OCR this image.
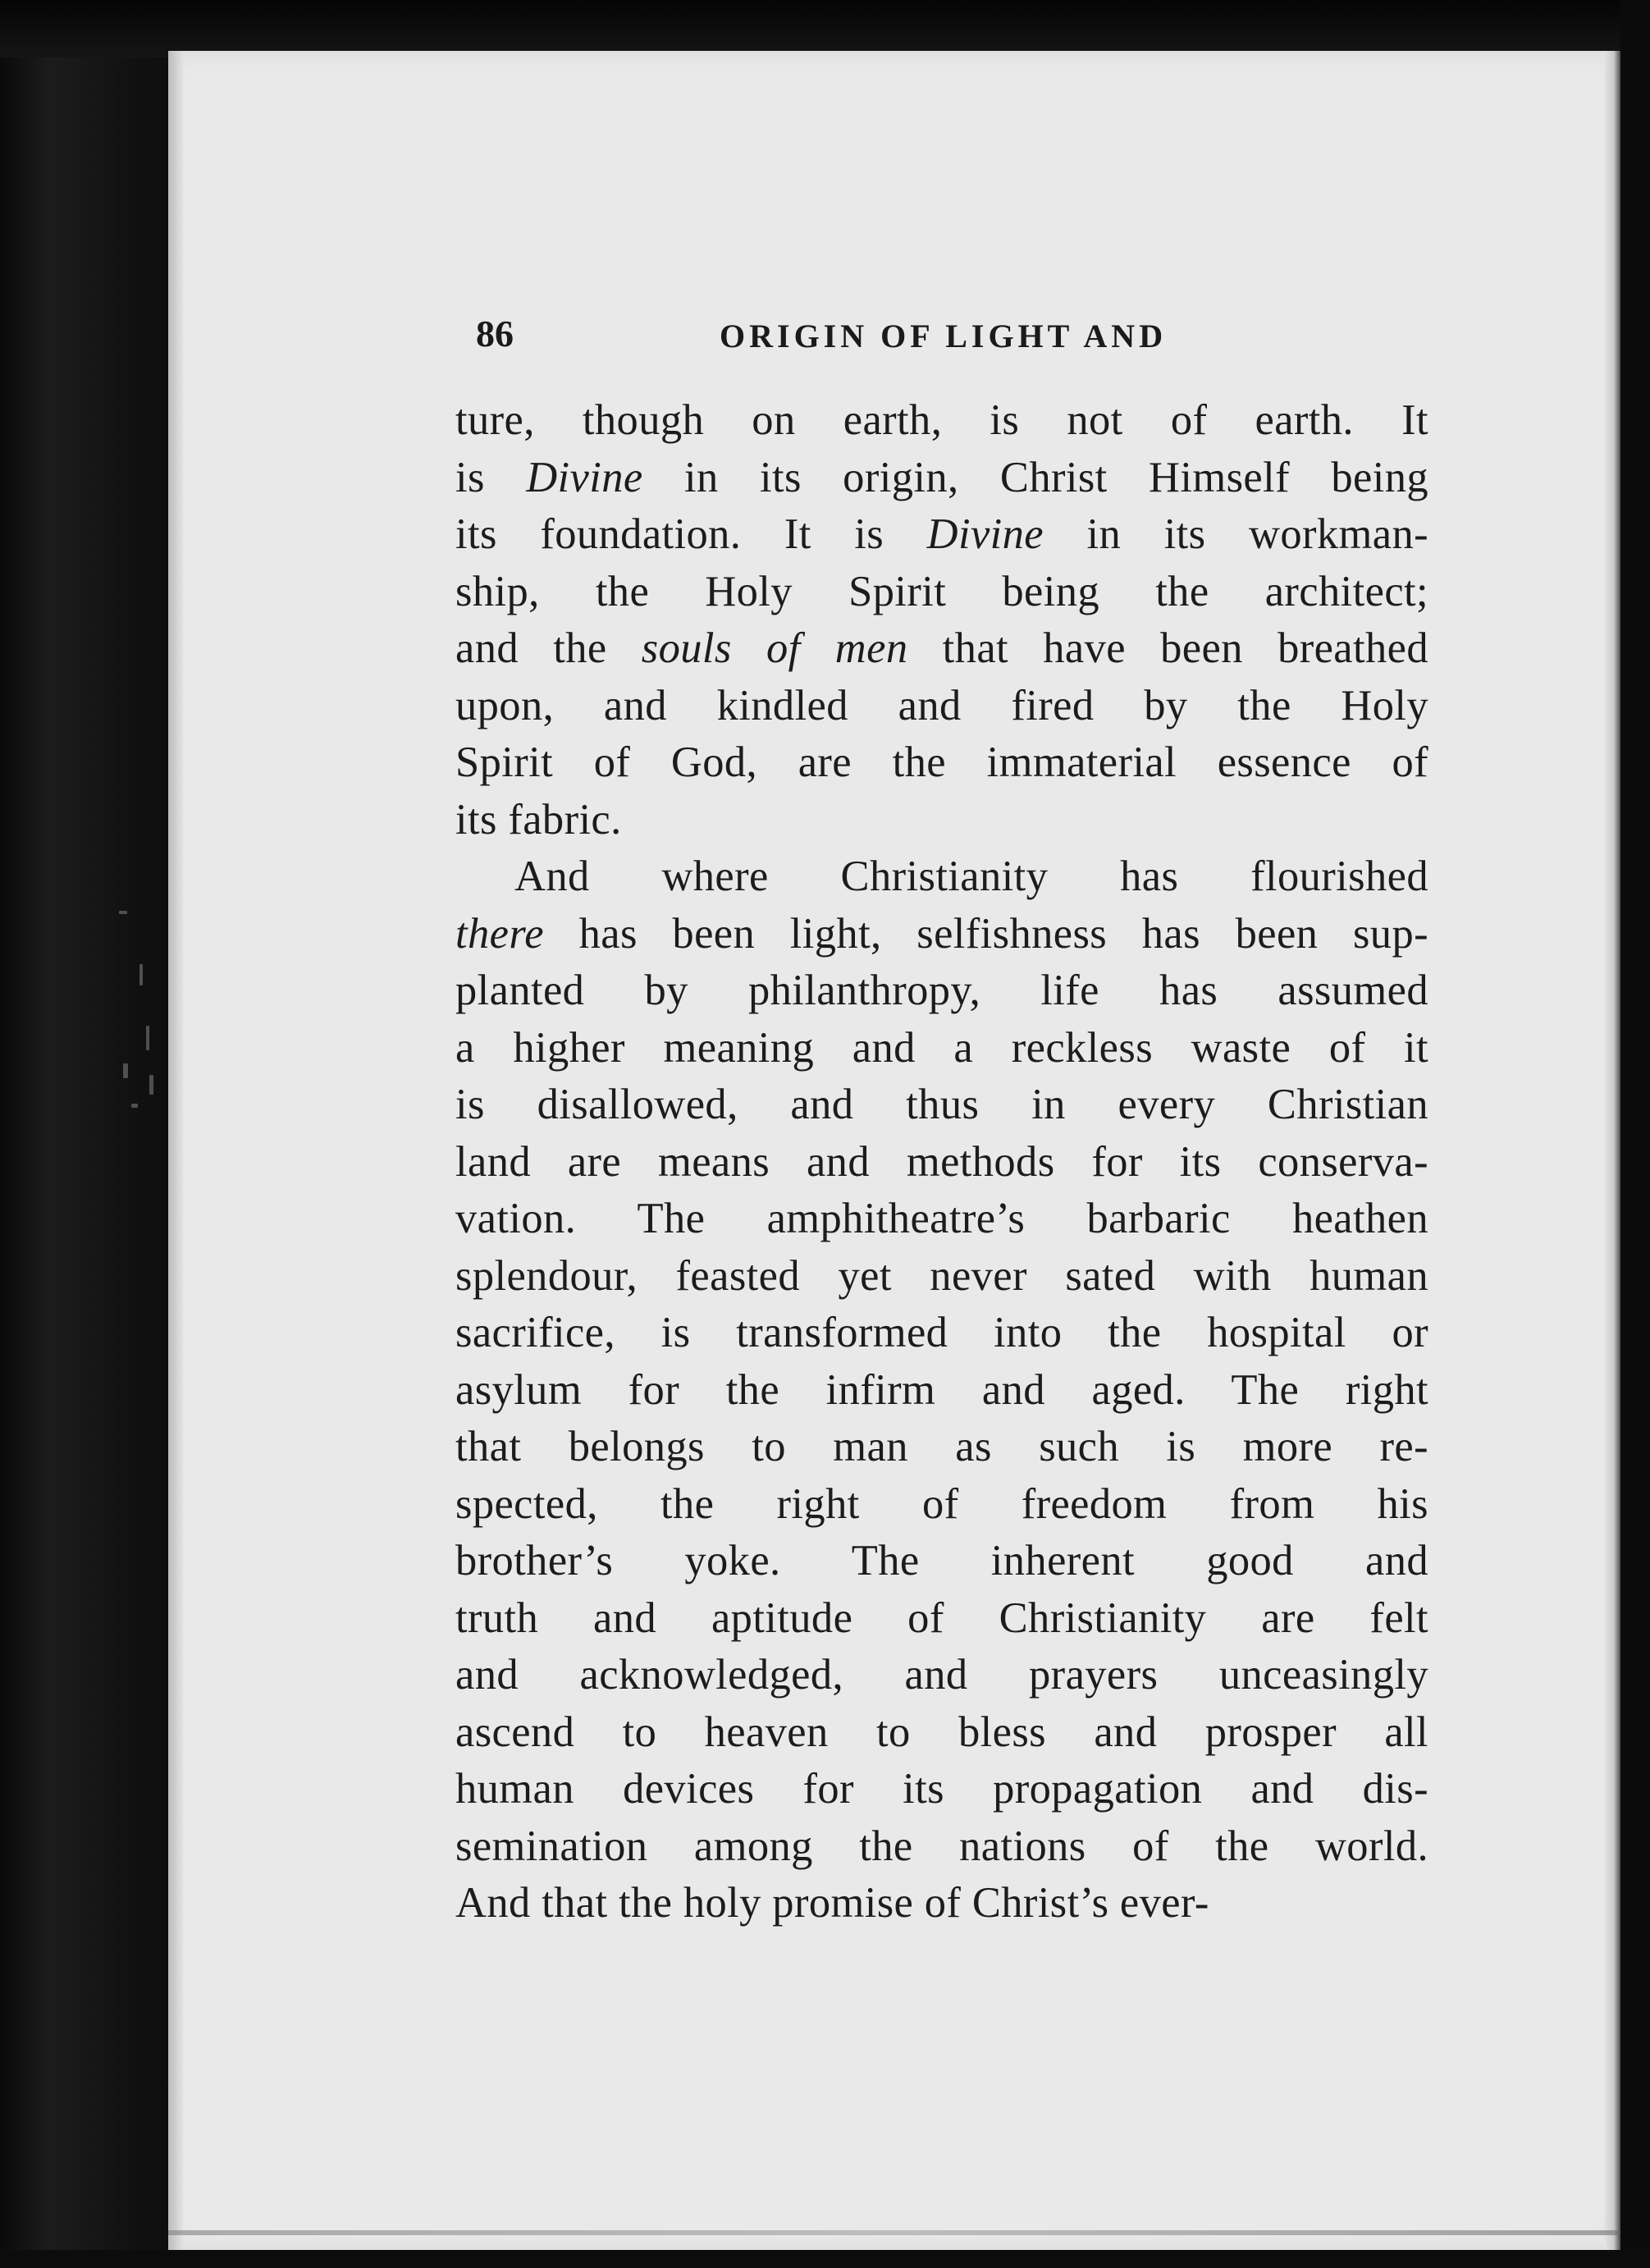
86	ORIGIN OF LIGHT AND
ture, though on earth, is not of earth. It
is Divine in its origin, Christ Himself being
its foundation. It is Divine in its workman-
ship, the Holy Spirit being the architect;
and the souls of men that have been breathed
upon, and kindled and fired by the Holy
Spirit of God, are the immaterial essence of
its fabric.
And where Christianity has flourished
there has been light, selfishness has been sup-
planted by philanthropy, life has assumed
a higher meaning and a reckless waste of it
is disallowed, and thus in every Christian
land are means and methods for its conserva-
vation. The amphitheatre’s barbaric heathen
splendour, feasted yet never sated with human
sacrifice, is transformed into the hospital or
asylum for the infirm and aged. The right
that belongs to man as such is more re-
spected, the right of freedom from his
brother’s yoke. The inherent good and
truth and aptitude of Christianity are felt
and acknowledged, and prayers unceasingly
ascend to heaven to bless and prosper all
human devices for its propagation and dis-
semination among the nations of the world.
And that the holy promise of Christ’s ever-
